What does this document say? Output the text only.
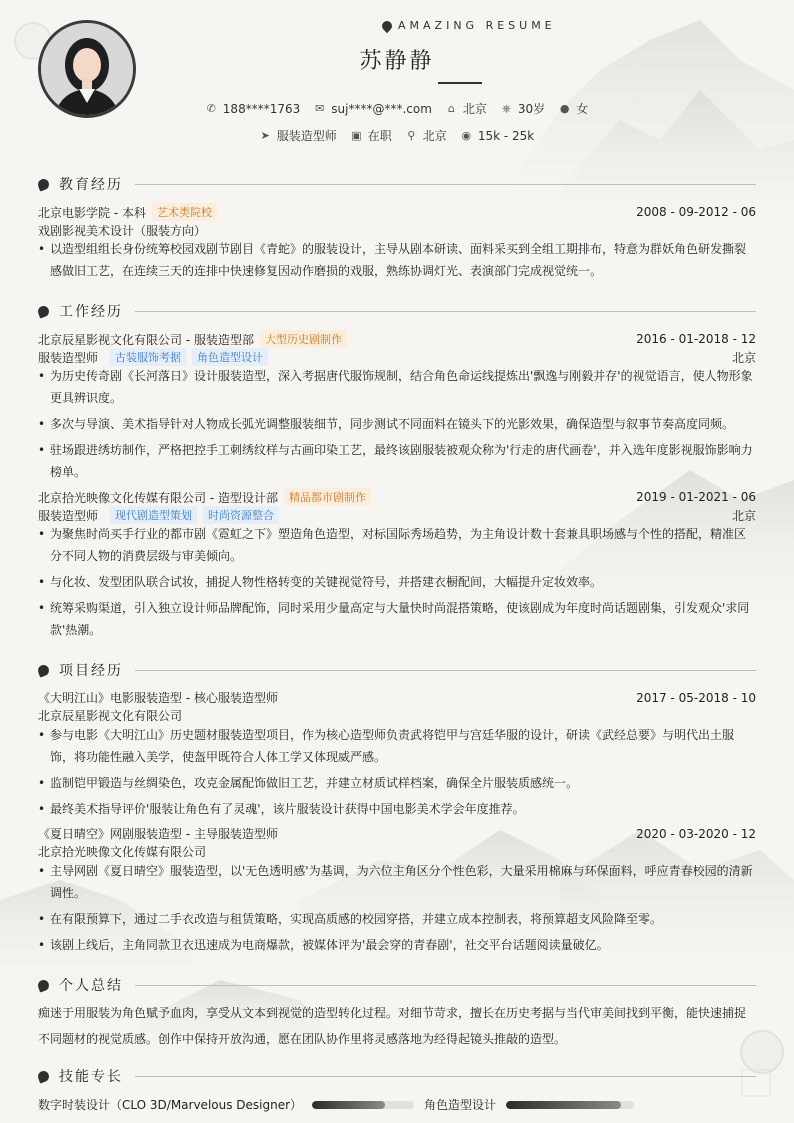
AMAZING RESUME
苏静静
✆ 188****1763 ✉ suj****@***.com ⌂ 北京 ⎈ 30岁 ● 女
➤ 服装造型师 ▣ 在职 ⚲ 北京 ◉ 15k - 25k
教育经历
北京电影学院 - 本科	艺术类院校	2008 - 09-2012 - 06
戏剧影视美术设计（服装方向）
• 以造型组组长身份统筹校园戏剧节剧目《青蛇》的服装设计，主导从剧本研读、面料采买到全组工期排布，特意为群妖角色研发撕裂感做旧工艺，在连续三天的连排中快速修复因动作磨损的戏服，熟练协调灯光、表演部门完成视觉统一。
工作经历
北京辰星影视文化有限公司 - 服装造型部	大型历史剧制作	2016 - 01-2018 - 12
服装造型师	古装服饰考据	角色造型设计	北京
• 为历史传奇剧《长河落日》设计服装造型，深入考据唐代服饰规制，结合角色命运线提炼出'飘逸与刚毅并存'的视觉语言，使人物形象更具辨识度。
• 多次与导演、美术指导针对人物成长弧光调整服装细节，同步测试不同面料在镜头下的光影效果，确保造型与叙事节奏高度同频。
• 驻场跟进绣坊制作，严格把控手工刺绣纹样与古画印染工艺，最终该剧服装被观众称为'行走的唐代画卷'，并入选年度影视服饰影响力榜单。
北京拾光映像文化传媒有限公司 - 造型设计部	精品都市剧制作	2019 - 01-2021 - 06
服装造型师	现代剧造型策划	时尚资源整合	北京
• 为聚焦时尚买手行业的都市剧《霓虹之下》塑造角色造型，对标国际秀场趋势，为主角设计数十套兼具职场感与个性的搭配，精准区分不同人物的消费层级与审美倾向。
• 与化妆、发型团队联合试妆，捕捉人物性格转变的关键视觉符号，并搭建衣橱配间，大幅提升定妆效率。
• 统筹采购渠道，引入独立设计师品牌配饰，同时采用少量高定与大量快时尚混搭策略，使该剧成为年度时尚话题剧集，引发观众'求同款'热潮。
项目经历
《大明江山》电影服装造型 - 核心服装造型师	2017 - 05-2018 - 10
北京辰星影视文化有限公司
• 参与电影《大明江山》历史题材服装造型项目，作为核心造型师负责武将铠甲与宫廷华服的设计，研读《武经总要》与明代出土服饰，将功能性融入美学，使盔甲既符合人体工学又体现威严感。
• 监制铠甲锻造与丝绸染色，攻克金属配饰做旧工艺，并建立材质试样档案，确保全片服装质感统一。
• 最终美术指导评价'服装让角色有了灵魂'，该片服装设计获得中国电影美术学会年度推荐。
《夏日晴空》网剧服装造型 - 主导服装造型师	2020 - 03-2020 - 12
北京拾光映像文化传媒有限公司
• 主导网剧《夏日晴空》服装造型，以'无色透明感'为基调，为六位主角区分个性色彩，大量采用棉麻与环保面料，呼应青春校园的清新调性。
• 在有限预算下，通过二手衣改造与租赁策略，实现高质感的校园穿搭，并建立成本控制表，将预算超支风险降至零。
• 该剧上线后，主角同款卫衣迅速成为电商爆款，被媒体评为'最会穿的青春剧'，社交平台话题阅读量破亿。
个人总结
痴迷于用服装为角色赋予血肉，享受从文本到视觉的造型转化过程。对细节苛求，擅长在历史考据与当代审美间找到平衡，能快速捕捉不同题材的视觉质感。创作中保持开放沟通，愿在团队协作里将灵感落地为经得起镜头推敲的造型。
技能专长
数字时装设计（CLO 3D/Marvelous Designer）	角色造型设计
